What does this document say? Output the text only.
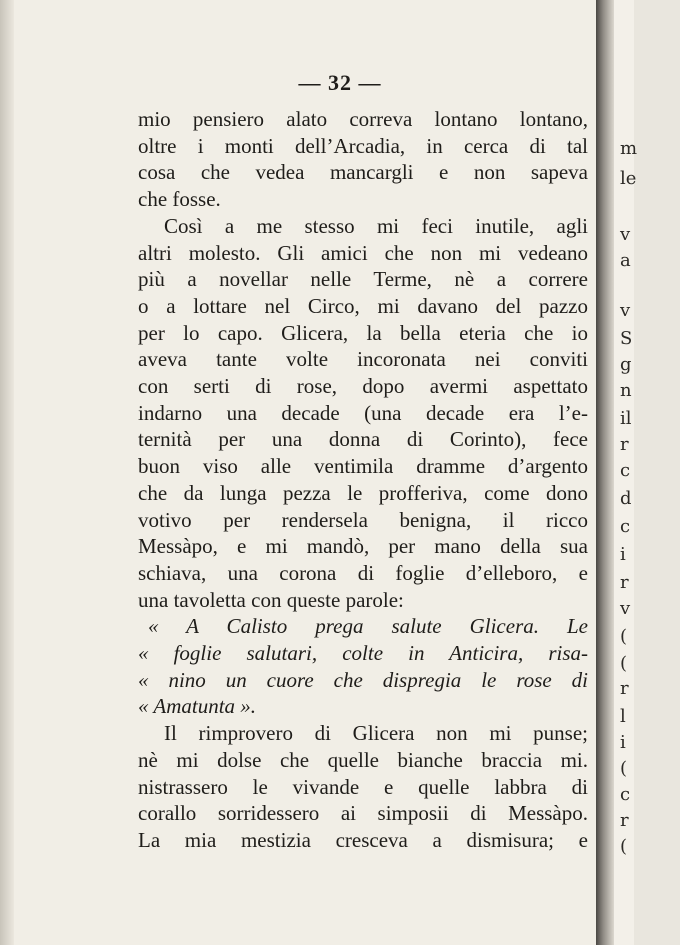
m
le
v
a
v
S
g
n
il
r
c
d
c
i
r
v
(
(
r
l
i
(
c
r
(
— 32 —
mio pensiero alato correva lontano lontano,
oltre i monti dell’Arcadia, in cerca di tal
cosa che vedea mancargli e non sapeva
che fosse.
Così a me stesso mi feci inutile, agli
altri molesto. Gli amici che non mi vedeano
più a novellar nelle Terme, nè a correre
o a lottare nel Circo, mi davano del pazzo
per lo capo. Glicera, la bella eteria che io
aveva tante volte incoronata nei conviti
con serti di rose, dopo avermi aspettato
indarno una decade (una decade era l’e-
ternità per una donna di Corinto), fece
buon viso alle ventimila dramme d’argento
che da lunga pezza le profferiva, come dono
votivo per rendersela benigna, il ricco
Messàpo, e mi mandò, per mano della sua
schiava, una corona di foglie d’elleboro, e
una tavoletta con queste parole:
« A Calisto prega salute Glicera. Le
« foglie salutari, colte in Anticira, risa-
« nino un cuore che dispregia le rose di
« Amatunta ».
Il rimprovero di Glicera non mi punse;
nè mi dolse che quelle bianche braccia mi.
nistrassero le vivande e quelle labbra di
corallo sorridessero ai simposii di Messàpo.
La mia mestizia cresceva a dismisura; e
